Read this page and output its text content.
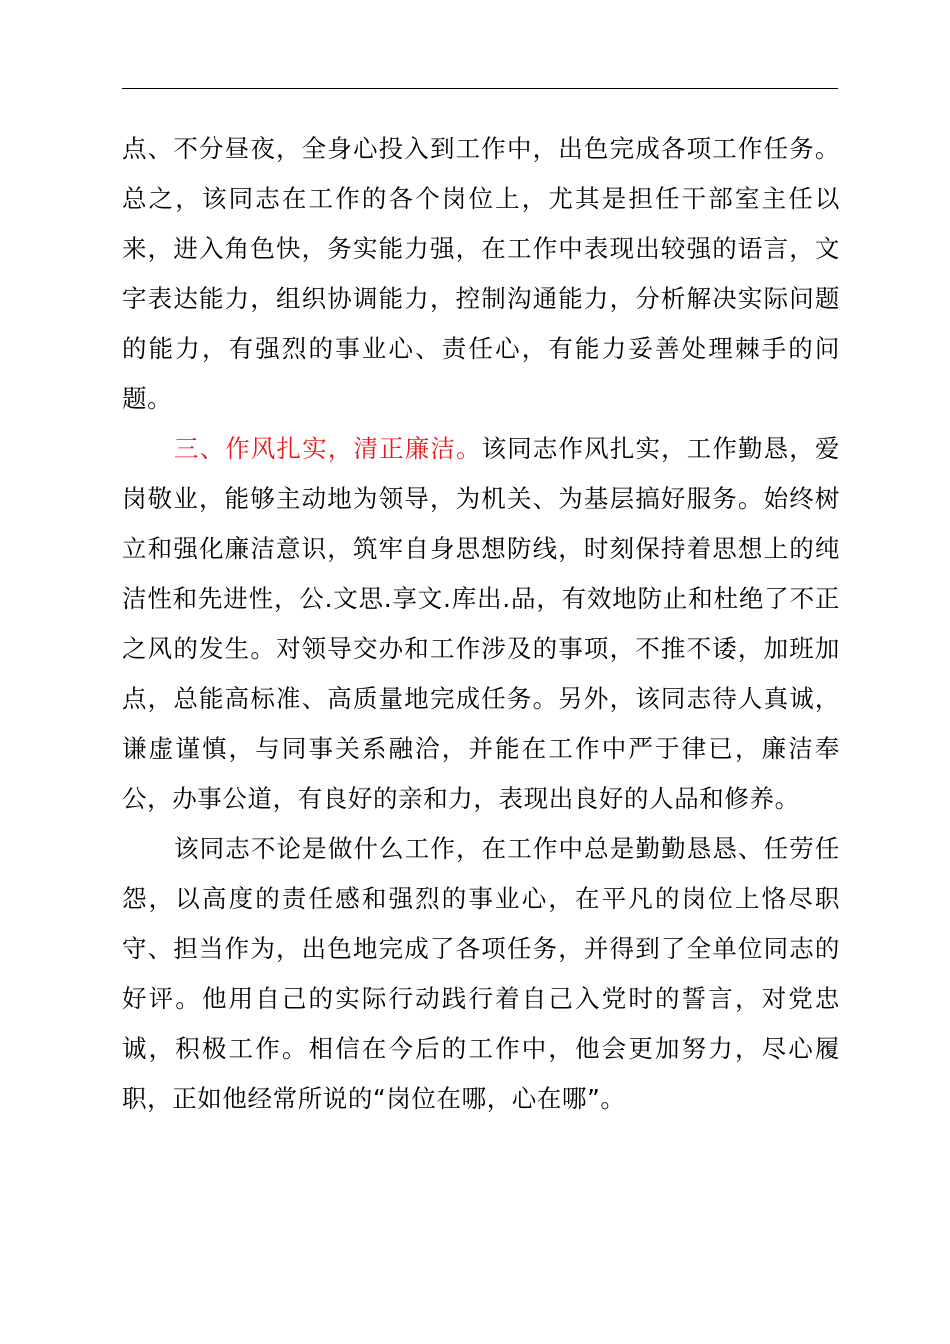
点、不分昼夜，全身心投入到工作中，出色完成各项工作任务。总之，该同志在工作的各个岗位上，尤其是担任干部室主任以来，进入角色快，务实能力强，在工作中表现出较强的语言，文字表达能力，组织协调能力，控制沟通能力，分析解决实际问题的能力，有强烈的事业心、责任心，有能力妥善处理棘手的问题。

三、作风扎实，清正廉洁。该同志作风扎实，工作勤恳，爱岗敬业，能够主动地为领导，为机关、为基层搞好服务。始终树立和强化廉洁意识，筑牢自身思想防线，时刻保持着思想上的纯洁性和先进性，公.文思.享文.库出.品，有效地防止和杜绝了不正之风的发生。对领导交办和工作涉及的事项，不推不诿，加班加点，总能高标准、高质量地完成任务。另外，该同志待人真诚，谦虚谨慎，与同事关系融洽，并能在工作中严于律已，廉洁奉公，办事公道，有良好的亲和力，表现出良好的人品和修养。

该同志不论是做什么工作，在工作中总是勤勤恳恳、任劳任怨，以高度的责任感和强烈的事业心，在平凡的岗位上恪尽职守、担当作为，出色地完成了各项任务，并得到了全单位同志的好评。他用自己的实际行动践行着自己入党时的誓言，对党忠诚，积极工作。相信在今后的工作中，他会更加努力，尽心履职，正如他经常所说的“岗位在哪，心在哪”。
